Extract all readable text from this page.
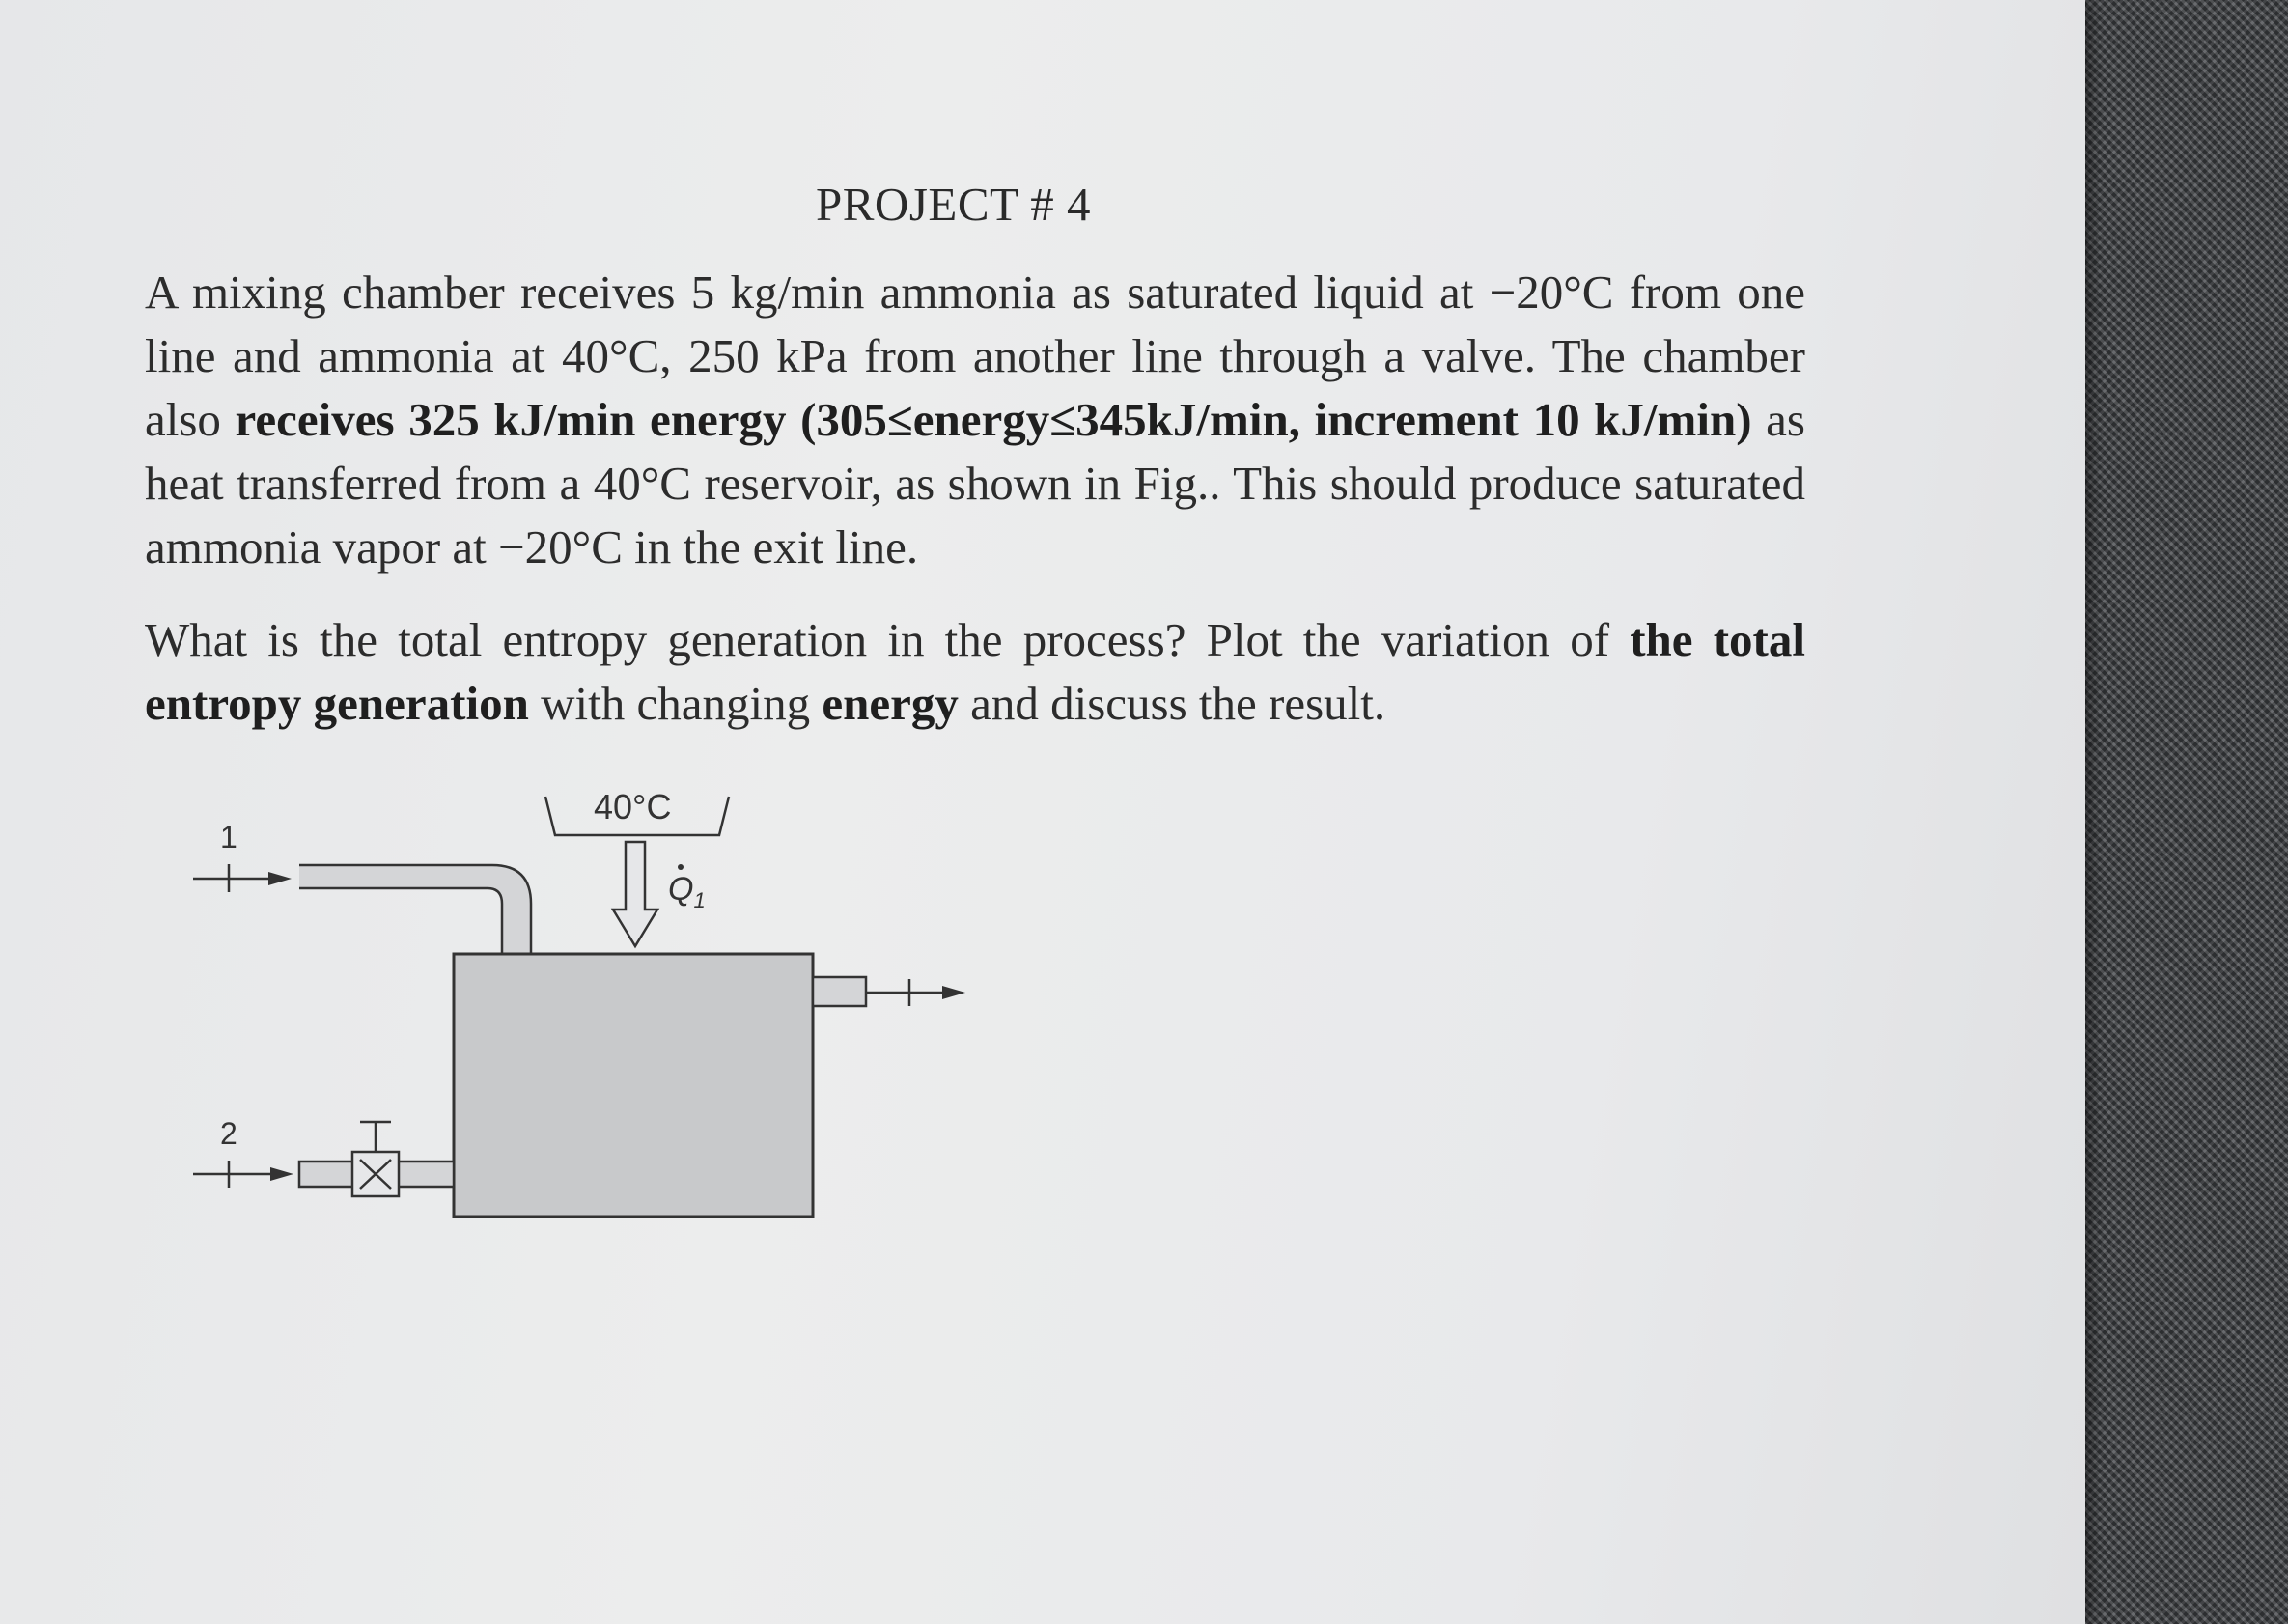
PROJECT # 4
A mixing chamber receives 5 kg/min ammonia as saturated liquid at −20°C from one line and ammonia at 40°C, 250 kPa from another line through a valve. The chamber also receives 325 kJ/min energy (305≤energy≤345kJ/min, increment 10 kJ/min) as heat transferred from a 40°C reservoir, as shown in Fig.. This should produce saturated ammonia vapor at −20°C in the exit line.
What is the total entropy generation in the process? Plot the variation of the total entropy generation with changing energy and discuss the result.
40°C
$Q_1$
1
2
